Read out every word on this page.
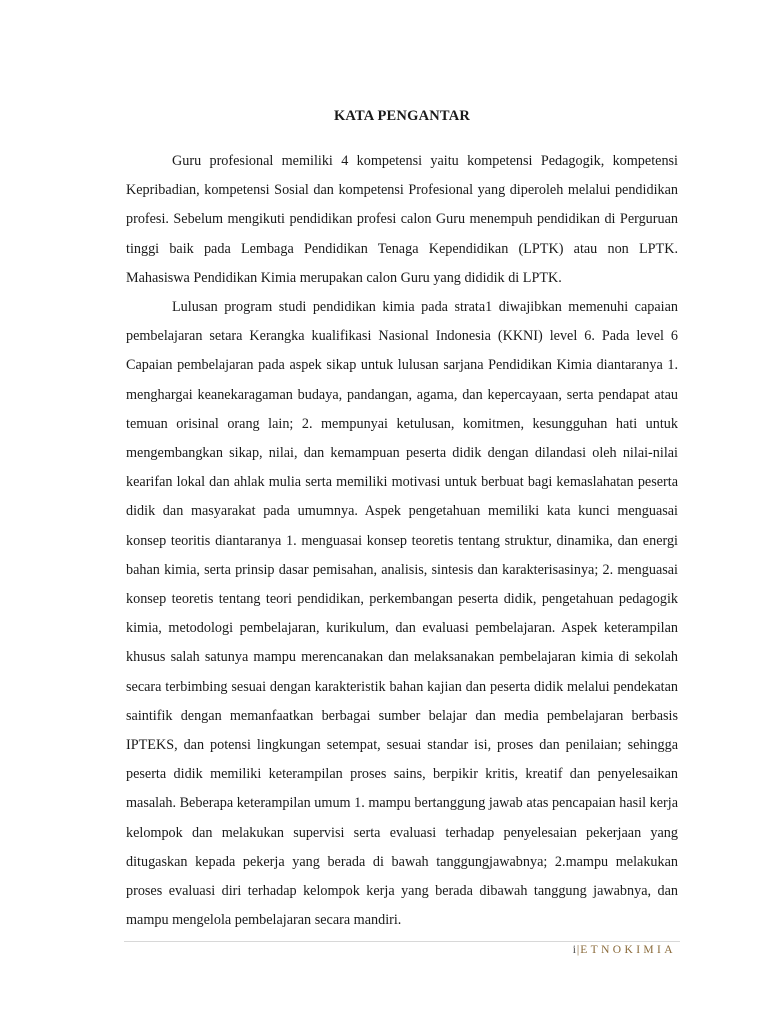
KATA PENGANTAR

Guru profesional memiliki 4 kompetensi yaitu kompetensi Pedagogik, kompetensi Kepribadian, kompetensi Sosial dan kompetensi Profesional yang diperoleh melalui pendidikan profesi. Sebelum mengikuti pendidikan profesi calon Guru menempuh pendidikan di Perguruan tinggi baik pada Lembaga Pendidikan Tenaga Kependidikan (LPTK) atau non LPTK. Mahasiswa Pendidikan Kimia merupakan calon Guru yang dididik di LPTK.

Lulusan program studi pendidikan kimia pada strata1 diwajibkan memenuhi capaian pembelajaran setara Kerangka kualifikasi Nasional Indonesia (KKNI) level 6. Pada level 6 Capaian pembelajaran pada aspek sikap untuk lulusan sarjana Pendidikan Kimia diantaranya 1. menghargai keanekaragaman budaya, pandangan, agama, dan kepercayaan, serta pendapat atau temuan orisinal orang lain; 2. mempunyai ketulusan, komitmen, kesungguhan hati untuk mengembangkan sikap, nilai, dan kemampuan peserta didik dengan dilandasi oleh nilai-nilai kearifan lokal dan ahlak mulia serta memiliki motivasi untuk berbuat bagi kemaslahatan peserta didik dan masyarakat pada umumnya. Aspek pengetahuan memiliki kata kunci menguasai konsep teoritis diantaranya 1. menguasai konsep teoretis tentang struktur, dinamika, dan energi bahan kimia, serta prinsip dasar pemisahan, analisis, sintesis dan karakterisasinya; 2. menguasai konsep teoretis tentang teori pendidikan, perkembangan peserta didik, pengetahuan pedagogik kimia, metodologi pembelajaran, kurikulum, dan evaluasi pembelajaran. Aspek keterampilan khusus salah satunya mampu merencanakan dan melaksanakan pembelajaran kimia di sekolah secara terbimbing sesuai dengan karakteristik bahan kajian dan peserta didik melalui pendekatan saintifik dengan memanfaatkan berbagai sumber belajar dan media pembelajaran berbasis IPTEKS, dan potensi lingkungan setempat, sesuai standar isi, proses dan penilaian; sehingga peserta didik memiliki keterampilan proses sains, berpikir kritis, kreatif dan penyelesaikan masalah. Beberapa keterampilan umum 1. mampu bertanggung jawab atas pencapaian hasil kerja kelompok dan melakukan supervisi serta evaluasi terhadap penyelesaian pekerjaan yang ditugaskan kepada pekerja yang berada di bawah tanggungjawabnya; 2.mampu melakukan proses evaluasi diri terhadap kelompok kerja yang berada dibawah tanggung jawabnya, dan mampu mengelola pembelajaran secara mandiri.

i|ETNOKIMIA
